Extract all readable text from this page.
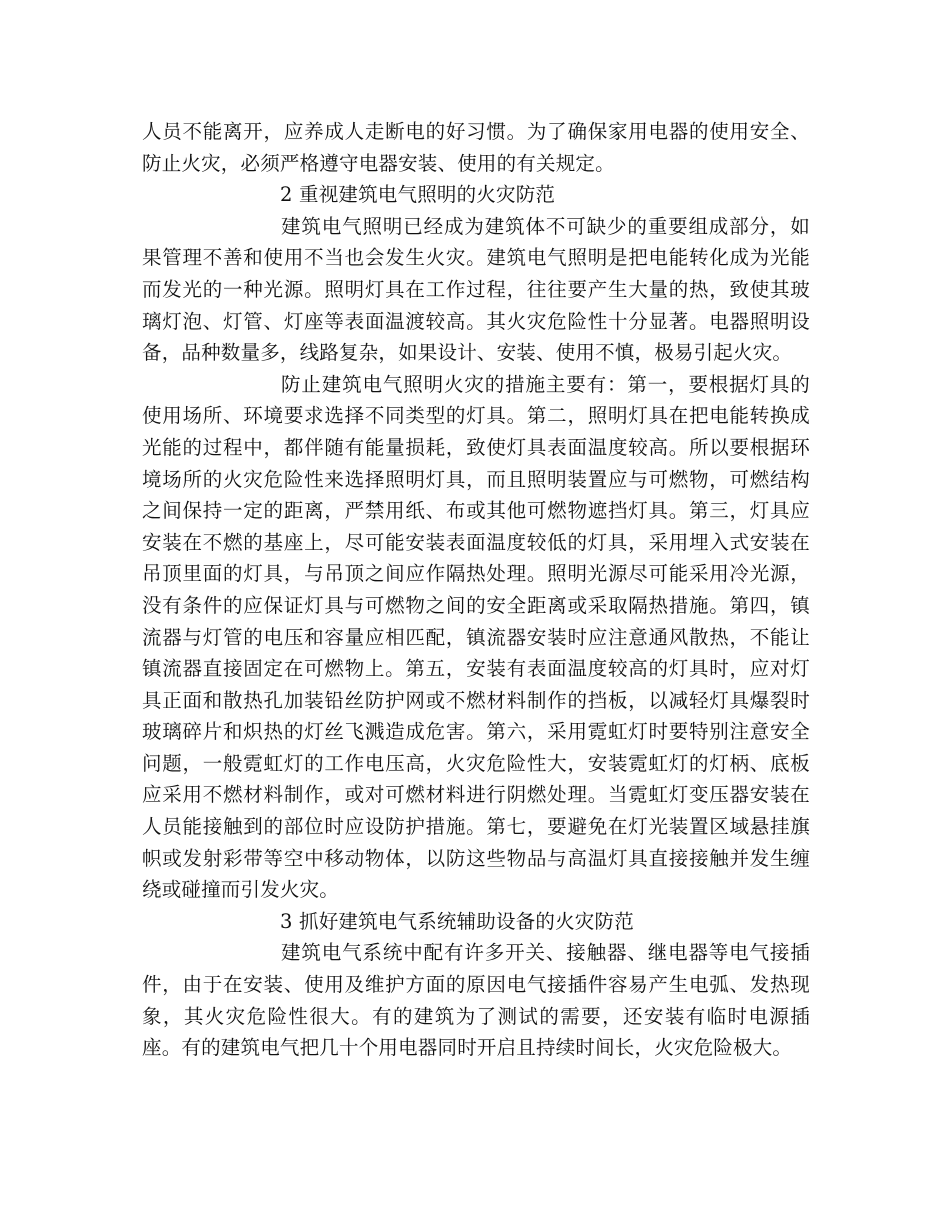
人员不能离开，应养成人走断电的好习惯。为了确保家用电器的使用安全、防止火灾，必须严格遵守电器安装、使用的有关规定。

2 重视建筑电气照明的火灾防范

建筑电气照明已经成为建筑体不可缺少的重要组成部分，如果管理不善和使用不当也会发生火灾。建筑电气照明是把电能转化成为光能而发光的一种光源。照明灯具在工作过程，往往要产生大量的热，致使其玻璃灯泡、灯管、灯座等表面温渡较高。其火灾危险性十分显著。电器照明设备，品种数量多，线路复杂，如果设计、安装、使用不慎，极易引起火灾。

防止建筑电气照明火灾的措施主要有：第一，要根据灯具的使用场所、环境要求选择不同类型的灯具。第二，照明灯具在把电能转换成光能的过程中，都伴随有能量损耗，致使灯具表面温度较高。所以要根据环境场所的火灾危险性来选择照明灯具，而且照明装置应与可燃物，可燃结构之间保持一定的距离，严禁用纸、布或其他可燃物遮挡灯具。第三，灯具应安装在不燃的基座上，尽可能安装表面温度较低的灯具，采用埋入式安装在吊顶里面的灯具，与吊顶之间应作隔热处理。照明光源尽可能采用冷光源，没有条件的应保证灯具与可燃物之间的安全距离或采取隔热措施。第四，镇流器与灯管的电压和容量应相匹配，镇流器安装时应注意通风散热，不能让镇流器直接固定在可燃物上。第五，安装有表面温度较高的灯具时，应对灯具正面和散热孔加装铅丝防护网或不燃材料制作的挡板，以减轻灯具爆裂时玻璃碎片和炽热的灯丝飞溅造成危害。第六，采用霓虹灯时要特别注意安全问题，一般霓虹灯的工作电压高，火灾危险性大，安装霓虹灯的灯柄、底板应采用不燃材料制作，或对可燃材料进行阴燃处理。当霓虹灯变压器安装在人员能接触到的部位时应设防护措施。第七，要避免在灯光装置区域悬挂旗帜或发射彩带等空中移动物体，以防这些物品与高温灯具直接接触并发生缠绕或碰撞而引发火灾。

3 抓好建筑电气系统辅助设备的火灾防范

建筑电气系统中配有许多开关、接触器、继电器等电气接插件，由于在安装、使用及维护方面的原因电气接插件容易产生电弧、发热现象，其火灾危险性很大。有的建筑为了测试的需要，还安装有临时电源插座。有的建筑电气把几十个用电器同时开启且持续时间长，火灾危险极大。
